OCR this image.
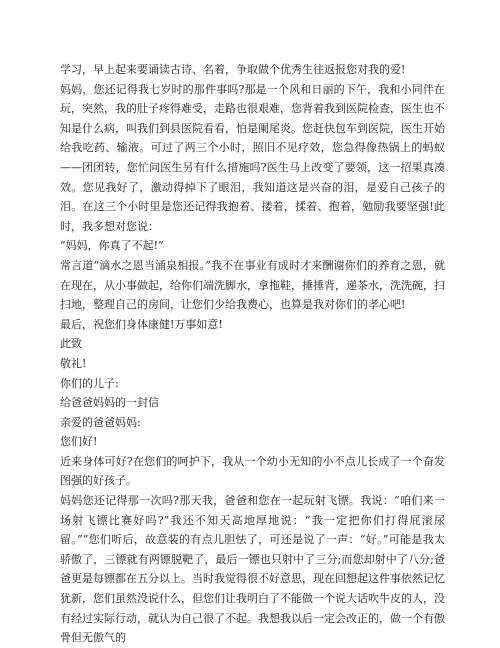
学习，早上起来要诵读古诗、名着，争取做个优秀生往返报您对我的爱!

妈妈，您还记得我七岁时的那件事吗?那是一个风和日丽的下午，我和小同伴在玩，突然，我的肚子疼得难受，走路也很艰难，您背着我到医院检查，医生也不知是什么病，叫我们到县医院看看，怕是阑尾炎。您赶快包车到医院，医生开始给我吃药、输液。可过了两三个小时，照旧不见疗效，您急得像热锅上的蚂蚁——团团转，您忙问医生另有什么措施吗?医生马上改变了要领，这一招果真凑效。您见我好了，激动得掉下了眼泪，我知道这是兴奋的泪，是爱自己孩子的泪。在这三个小时里是您还记得我抱着、搂着，揉着、抱着，勉励我要坚强!此时，我多想对您说：

“妈妈，你真了不起!”

常言道“滴水之恩当涌泉相报。”我不在事业有成时才来酬谢你们的养育之恩，就在现在，从小事做起，给你们端洗脚水，拿拖鞋，捶捶背，递茶水，洗洗碗，扫扫地，整理自己的房间，让您们少给我费心，也算是我对你们的孝心吧!

最后，祝您们身体康健!万事如意!

此致

敬礼!

你们的儿子:

给爸爸妈妈的一封信

亲爱的爸爸妈妈:

您们好!

近来身体可好?在您们的呵护下，我从一个幼小无知的小不点儿长成了一个奋发图强的好孩子。

妈妈您还记得那一次吗?那天我，爸爸和您在一起玩射飞镖。我说：“咱们来一场射飞镖比赛好吗?”我还不知天高地厚地说：“我一定把你们打得屁滚尿留。”“您们听后，故意装的有点儿胆怯了，可还是说了一声：“好。”可能是我太骄傲了，三镖就有两镖脱靶了，最后一镖也只射中了三分;而您却射中了八分;爸爸更是每镖都在五分以上。当时我觉得很不好意思，现在回想起这件事依然记忆犹新，您们虽然没说什么，但您们让我明白了不能做一个说大话吹牛皮的人，没有经过实际行动，就认为自己很了不起。我想我以后一定会改正的，做一个有傲骨但无傲气的
